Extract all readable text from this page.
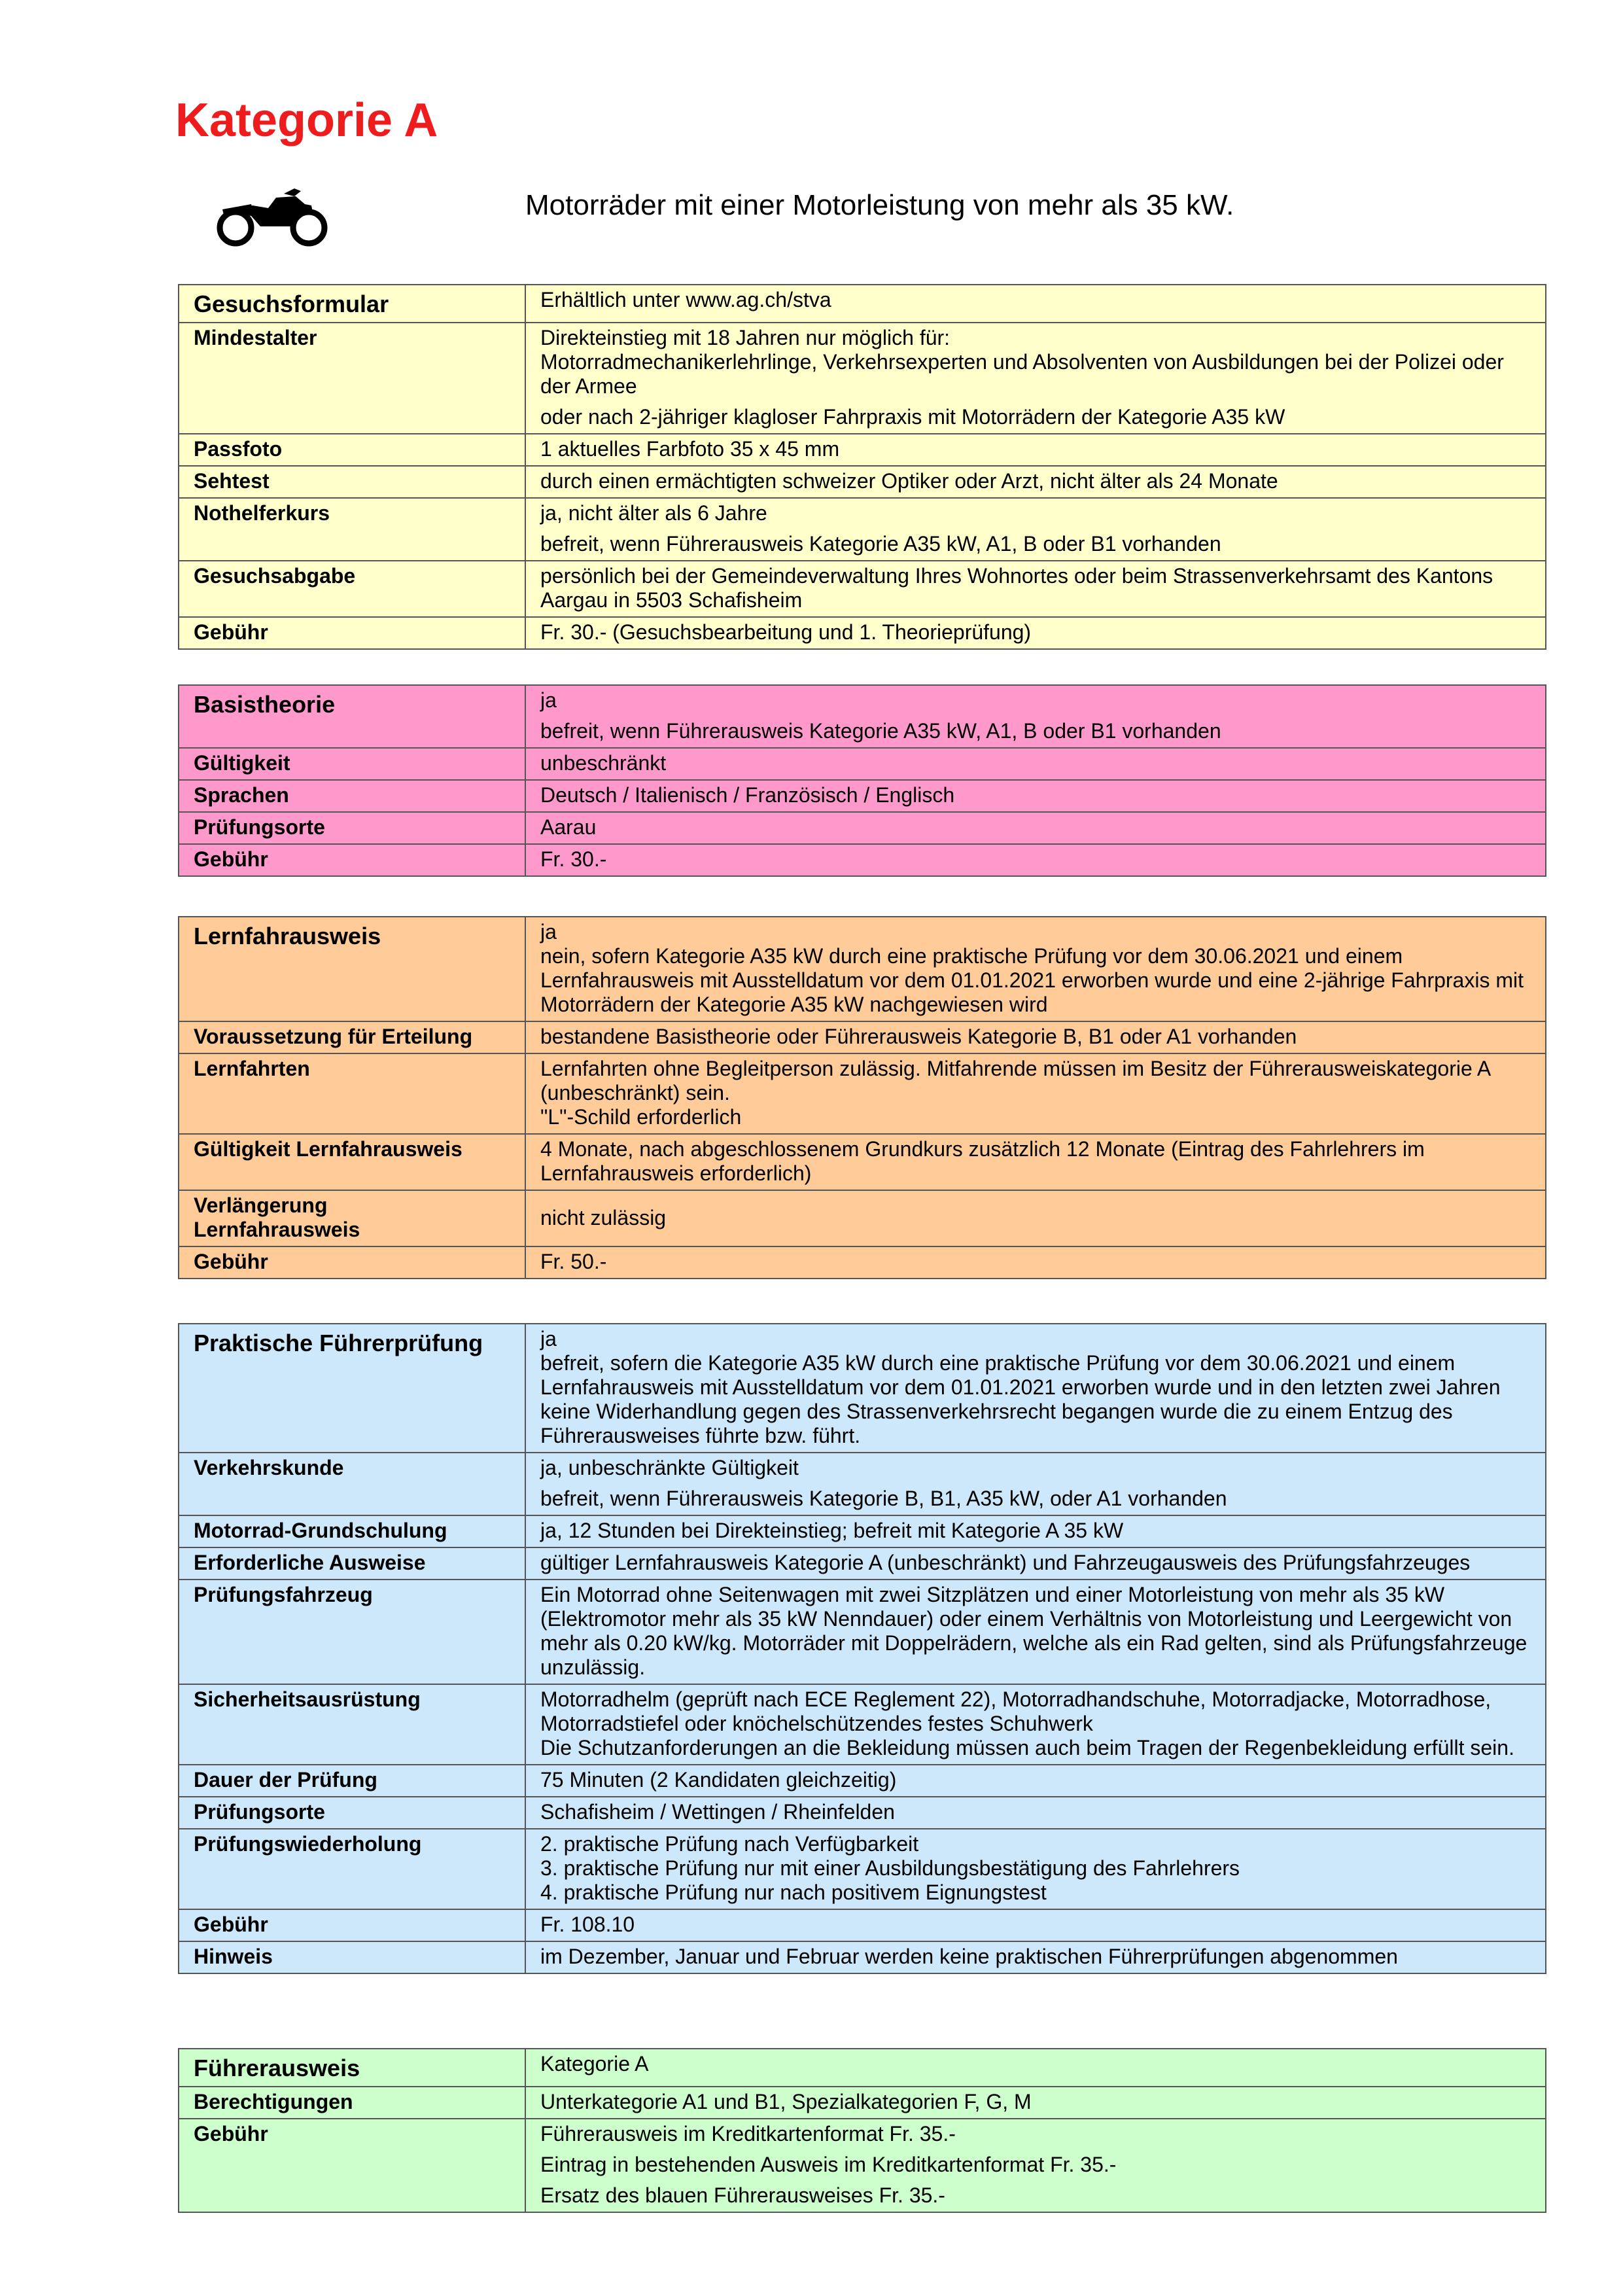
Kategorie A
Motorräder mit einer Motorleistung von mehr als 35 kW.
Gesuchsformular	Erhältlich unter www.ag.ch/stva

Mindestalter	Direkteinstieg mit 18 Jahren nur möglich für:
Motorradmechanikerlehrlinge, Verkehrsexperten und Absolventen von Ausbildungen bei der Polizei oder der Armee
oder nach 2-jähriger klagloser Fahrpraxis mit Motorrädern der Kategorie A35 kW

Passfoto	1 aktuelles Farbfoto 35 x 45 mm

Sehtest	durch einen ermächtigten schweizer Optiker oder Arzt, nicht älter als 24 Monate

Nothelferkurs	ja, nicht älter als 6 Jahre
befreit, wenn Führerausweis Kategorie A35 kW, A1, B oder B1 vorhanden

Gesuchsabgabe	persönlich bei der Gemeindeverwaltung Ihres Wohnortes oder beim Strassenverkehrsamt des Kantons Aargau in 5503 Schafisheim

Gebühr	Fr. 30.- (Gesuchsbearbeitung und 1. Theorieprüfung)
Basistheorie	ja
befreit, wenn Führerausweis Kategorie A35 kW, A1, B oder B1 vorhanden

Gültigkeit	unbeschränkt

Sprachen	Deutsch / Italienisch / Französisch / Englisch

Prüfungsorte	Aarau

Gebühr	Fr. 30.-
Lernfahrausweis	ja
nein, sofern Kategorie A35 kW durch eine praktische Prüfung vor dem 30.06.2021 und einem Lernfahrausweis mit Ausstelldatum vor dem 01.01.2021 erworben wurde und eine 2-jährige Fahrpraxis mit Motorrädern der Kategorie A35 kW nachgewiesen wird

Voraussetzung für Erteilung	bestandene Basistheorie oder Führerausweis Kategorie B, B1 oder A1 vorhanden

Lernfahrten	Lernfahrten ohne Begleitperson zulässig. Mitfahrende müssen im Besitz der Führerausweiskategorie A (unbeschränkt) sein.
"L"-Schild erforderlich

Gültigkeit Lernfahrausweis	4 Monate, nach abgeschlossenem Grundkurs zusätzlich 12 Monate (Eintrag des Fahrlehrers im Lernfahrausweis erforderlich)

Verlängerung
Lernfahrausweis	nicht zulässig

Gebühr	Fr. 50.-
Praktische Führerprüfung	ja
befreit, sofern die Kategorie A35 kW durch eine praktische Prüfung vor dem 30.06.2021 und einem Lernfahrausweis mit Ausstelldatum vor dem 01.01.2021 erworben wurde und in den letzten zwei Jahren keine Widerhandlung gegen des Strassenverkehrsrecht begangen wurde die zu einem Entzug des Führerausweises führte bzw. führt.

Verkehrskunde	ja, unbeschränkte Gültigkeit
befreit, wenn Führerausweis Kategorie B, B1, A35 kW, oder A1 vorhanden

Motorrad-Grundschulung	ja, 12 Stunden bei Direkteinstieg; befreit mit Kategorie A 35 kW

Erforderliche Ausweise	gültiger Lernfahrausweis Kategorie A (unbeschränkt) und Fahrzeugausweis des Prüfungsfahrzeuges

Prüfungsfahrzeug	Ein Motorrad ohne Seitenwagen mit zwei Sitzplätzen und einer Motorleistung von mehr als 35 kW (Elektromotor mehr als 35 kW Nenndauer) oder einem Verhältnis von Motorleistung und Leergewicht von mehr als 0.20 kW/kg. Motorräder mit Doppelrädern, welche als ein Rad gelten, sind als Prüfungsfahrzeuge unzulässig.

Sicherheitsausrüstung	Motorradhelm (geprüft nach ECE Reglement 22), Motorradhandschuhe, Motorradjacke, Motorradhose, Motorradstiefel oder knöchelschützendes festes Schuhwerk
Die Schutzanforderungen an die Bekleidung müssen auch beim Tragen der Regenbekleidung erfüllt sein.

Dauer der Prüfung	75 Minuten (2 Kandidaten gleichzeitig)

Prüfungsorte	Schafisheim / Wettingen / Rheinfelden

Prüfungswiederholung	2. praktische Prüfung nach Verfügbarkeit
3. praktische Prüfung nur mit einer Ausbildungsbestätigung des Fahrlehrers
4. praktische Prüfung nur nach positivem Eignungstest

Gebühr	Fr. 108.10

Hinweis	im Dezember, Januar und Februar werden keine praktischen Führerprüfungen abgenommen
Führerausweis	Kategorie A

Berechtigungen	Unterkategorie A1 und B1, Spezialkategorien F, G, M

Gebühr	Führerausweis im Kreditkartenformat Fr. 35.-
Eintrag in bestehenden Ausweis im Kreditkartenformat Fr. 35.-
Ersatz des blauen Führerausweises Fr. 35.-
